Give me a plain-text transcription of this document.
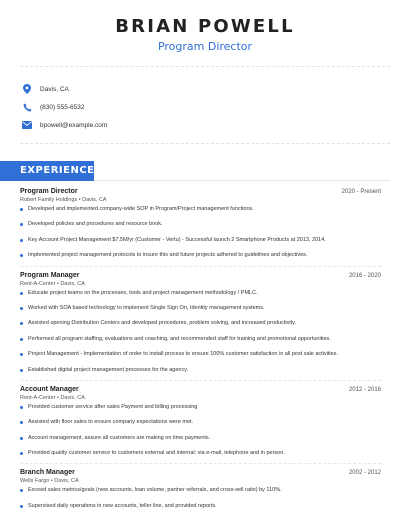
BRIAN POWELL
Program Director
Davis, CA
(830) 555-6532
bpowell@example.com
EXPERIENCE
Program Director	2020 - Present
Robert Family Holdings • Davis, CA
Developed and implemented company-wide SOP in Program/Project management functions.
Developed policies and procedures and resource book.
Key Account Project Management $7.5M/yr (Customer - Vertu) - Successful launch 2 Smartphone Products at 2013, 2014.
Implemented project management protocols to insure this and future projects adhered to guidelines and objectives.
Program Manager	2016 - 2020
Rent-A-Center • Davis, CA
Educate project teams on the processes, tools and project management methodology / PMLC.
Worked with SOA based technology to implement Single Sign On, Identity management systems.
Assisted opening Distribution Centers and developed procedures, problem solving, and increased productivity.
Performed all program staffing, evaluations and coaching, and recommended staff for training and promotional opportunities.
Project Management - Implementation of order to install process to ensure 100% customer satisfaction in all post sale activities.
Established digital project management processes for the agency.
Account Manager	2012 - 2016
Rent-A-Center • Davis, CA
Provided customer service after sales Payment and billing processing
Assisted with floor sales to ensure company expectations were met.
Account management, assure all customers are making on time payments.
Provided quality customer service to customers external and internal; via e-mail, telephone and in person.
Branch Manager	2002 - 2012
Wells Fargo • Davis, CA
Exceed sales metrics/goals (new accounts, loan volume, partner referrals, and cross-sell ratio) by 110%.
Supervised daily operations in new accounts, teller line, and provided reports.
